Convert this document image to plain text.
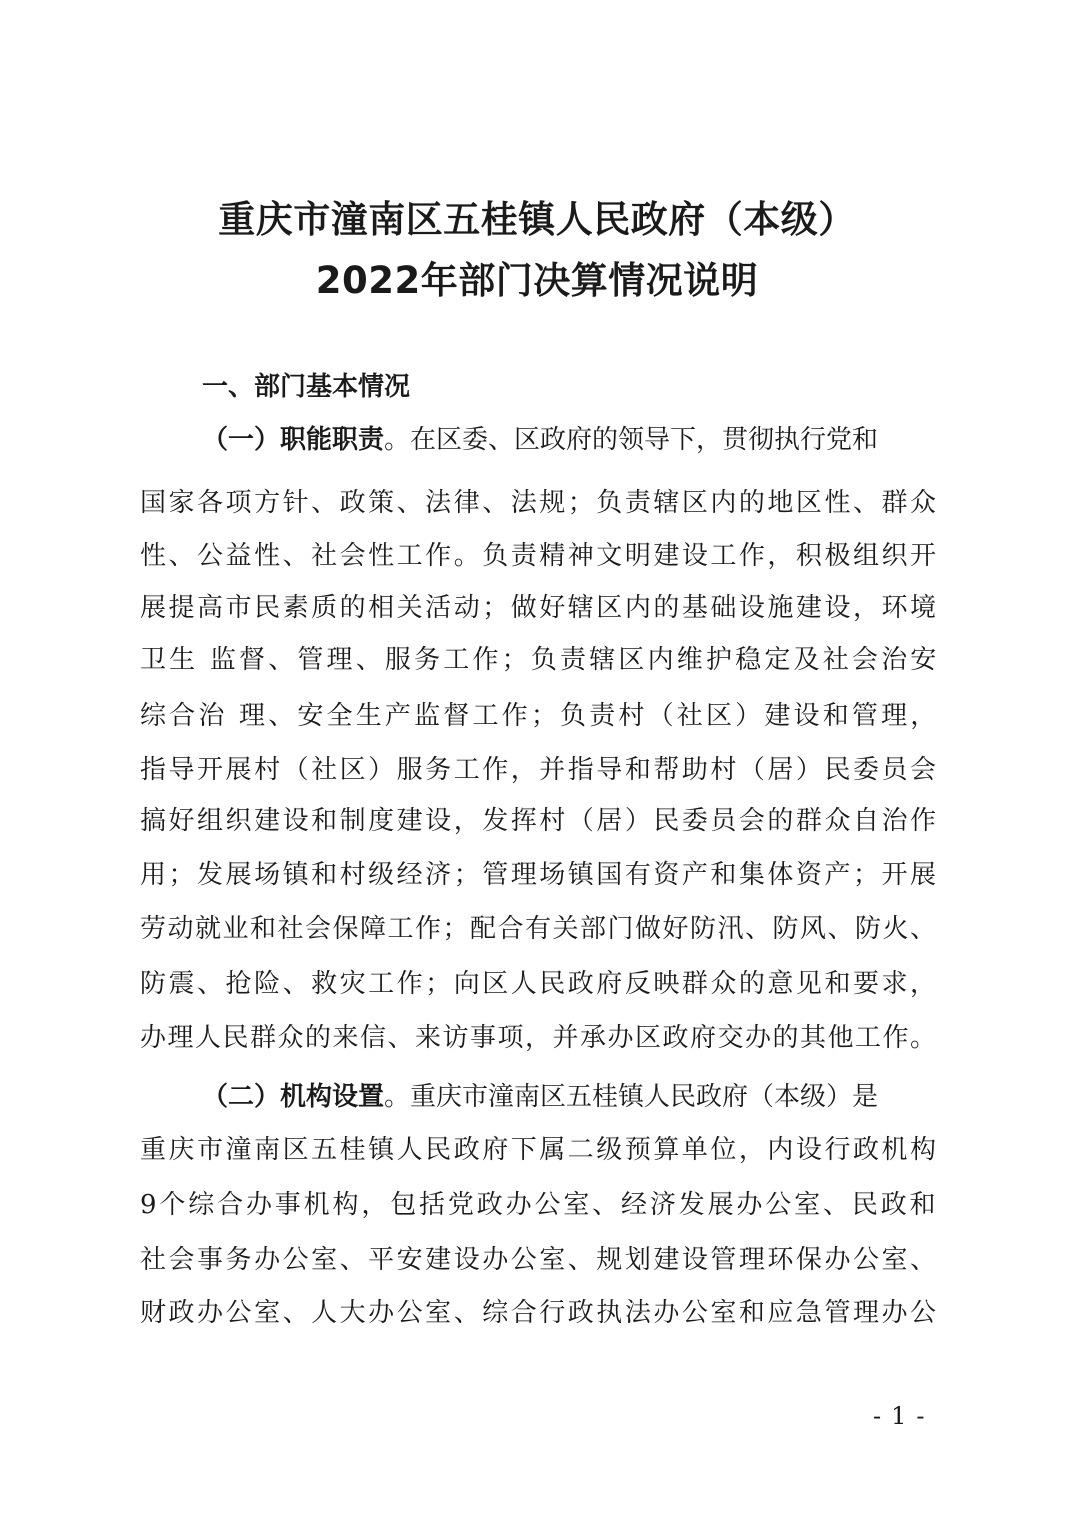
重庆市潼南区五桂镇人民政府（本级）
2022年部门决算情况说明
一、部门基本情况

（一）职能职责。在区委、区政府的领导下，贯彻执行党和

国家各项方针、政策、法律、法规；负责辖区内的地区性、群众

性、公益性、社会性工作。负责精神文明建设工作，积极组织开

展提高市民素质的相关活动；做好辖区内的基础设施建设，环境

卫生 监督、管理、服务工作；负责辖区内维护稳定及社会治安

综合治 理、安全生产监督工作；负责村（社区）建设和管理，

指导开展村（社区）服务工作，并指导和帮助村（居）民委员会

搞好组织建设和制度建设，发挥村（居）民委员会的群众自治作

用；发展场镇和村级经济；管理场镇国有资产和集体资产；开展

劳动就业和社会保障工作；配合有关部门做好防汛、防风、防火、

防震、抢险、救灾工作；向区人民政府反映群众的意见和要求，

办理人民群众的来信、来访事项，并承办区政府交办的其他工作。

（二）机构设置。重庆市潼南区五桂镇人民政府（本级）是

重庆市潼南区五桂镇人民政府下属二级预算单位，内设行政机构

9个综合办事机构，包括党政办公室、经济发展办公室、民政和

社会事务办公室、平安建设办公室、规划建设管理环保办公室、

财政办公室、人大办公室、综合行政执法办公室和应急管理办公

-1-
